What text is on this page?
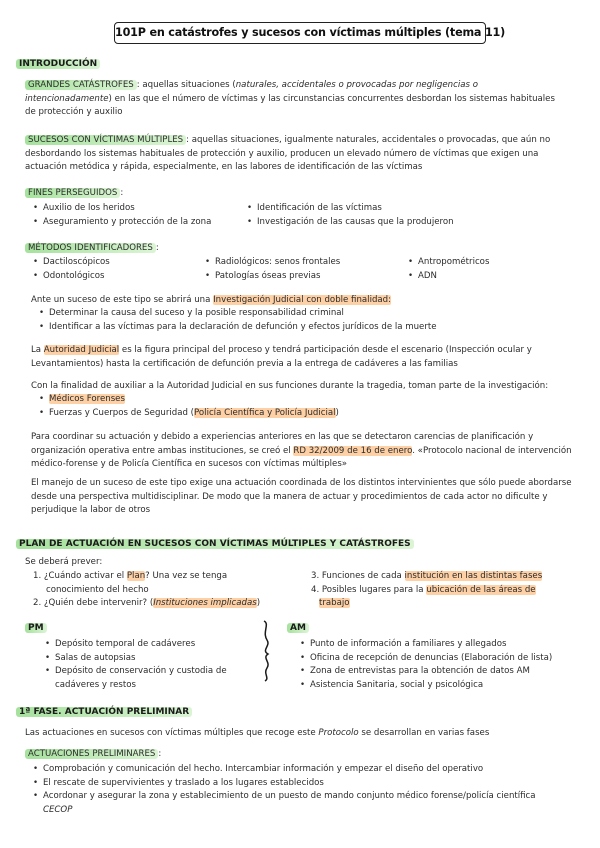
101P en catástrofes y sucesos con víctimas múltiples (tema 11)
INTRODUCCIÓN
GRANDES CATÁSTROFES : aquellas situaciones (naturales, accidentales o provocadas por negligencias o intencionadamente) en las que el número de víctimas y las circunstancias concurrentes desbordan los sistemas habituales de protección y auxilio
SUCESOS CON VÍCTIMAS MÚLTIPLES : aquellas situaciones, igualmente naturales, accidentales o provocadas, que aún no desbordando los sistemas habituales de protección y auxilio, producen un elevado número de víctimas que exigen una actuación metódica y rápida, especialmente, en las labores de identificación de las víctimas
FINES PERSEGUIDOS :
• Auxilio de los heridos
• Aseguramiento y protección de la zona
• Identificación de las víctimas
• Investigación de las causas que la produjeron
MÉTODOS IDENTIFICADORES :
• Dactiloscópicos
• Odontológicos
• Radiológicos: senos frontales
• Patologías óseas previas
• Antropométricos
• ADN
Ante un suceso de este tipo se abrirá una Investigación Judicial con doble finalidad:
• Determinar la causa del suceso y la posible responsabilidad criminal
• Identificar a las víctimas para la declaración de defunción y efectos jurídicos de la muerte
La Autoridad Judicial es la figura principal del proceso y tendrá participación desde el escenario (Inspección ocular y Levantamientos) hasta la certificación de defunción previa a la entrega de cadáveres a las familias
Con la finalidad de auxiliar a la Autoridad Judicial en sus funciones durante la tragedia, toman parte de la investigación:
• Médicos Forenses
• Fuerzas y Cuerpos de Seguridad (Policía Científica y Policía Judicial)
Para coordinar su actuación y debido a experiencias anteriores en las que se detectaron carencias de planificación y organización operativa entre ambas instituciones, se creó el RD 32/2009 de 16 de enero. «Protocolo nacional de intervención médico-forense y de Policía Científica en sucesos con víctimas múltiples»
El manejo de un suceso de este tipo exige una actuación coordinada de los distintos intervinientes que sólo puede abordarse desde una perspectiva multidisciplinar. De modo que la manera de actuar y procedimientos de cada actor no dificulte y perjudique la labor de otros
PLAN DE ACTUACIÓN EN SUCESOS CON VÍCTIMAS MÚLTIPLES Y CATÁSTROFES
Se deberá prever:
1. ¿Cuándo activar el Plan? Una vez se tenga
conocimiento del hecho
2. ¿Quién debe intervenir? (Instituciones implicadas)
3. Funciones de cada institución en las distintas fases
4. Posibles lugares para la ubicación de las áreas de
trabajo
PM
• Depósito temporal de cadáveres
• Salas de autopsias
• Depósito de conservación y custodia de
cadáveres y restos
AM
• Punto de información a familiares y allegados
• Oficina de recepción de denuncias (Elaboración de lista)
• Zona de entrevistas para la obtención de datos AM
• Asistencia Sanitaria, social y psicológica
1ª FASE. ACTUACIÓN PRELIMINAR
Las actuaciones en sucesos con víctimas múltiples que recoge este Protocolo se desarrollan en varias fases
ACTUACIONES PRELIMINARES :
• Comprobación y comunicación del hecho. Intercambiar información y empezar el diseño del operativo
• El rescate de supervivientes y traslado a los lugares establecidos
• Acordonar y asegurar la zona y establecimiento de un puesto de mando conjunto médico forense/policía científica
CECOP
